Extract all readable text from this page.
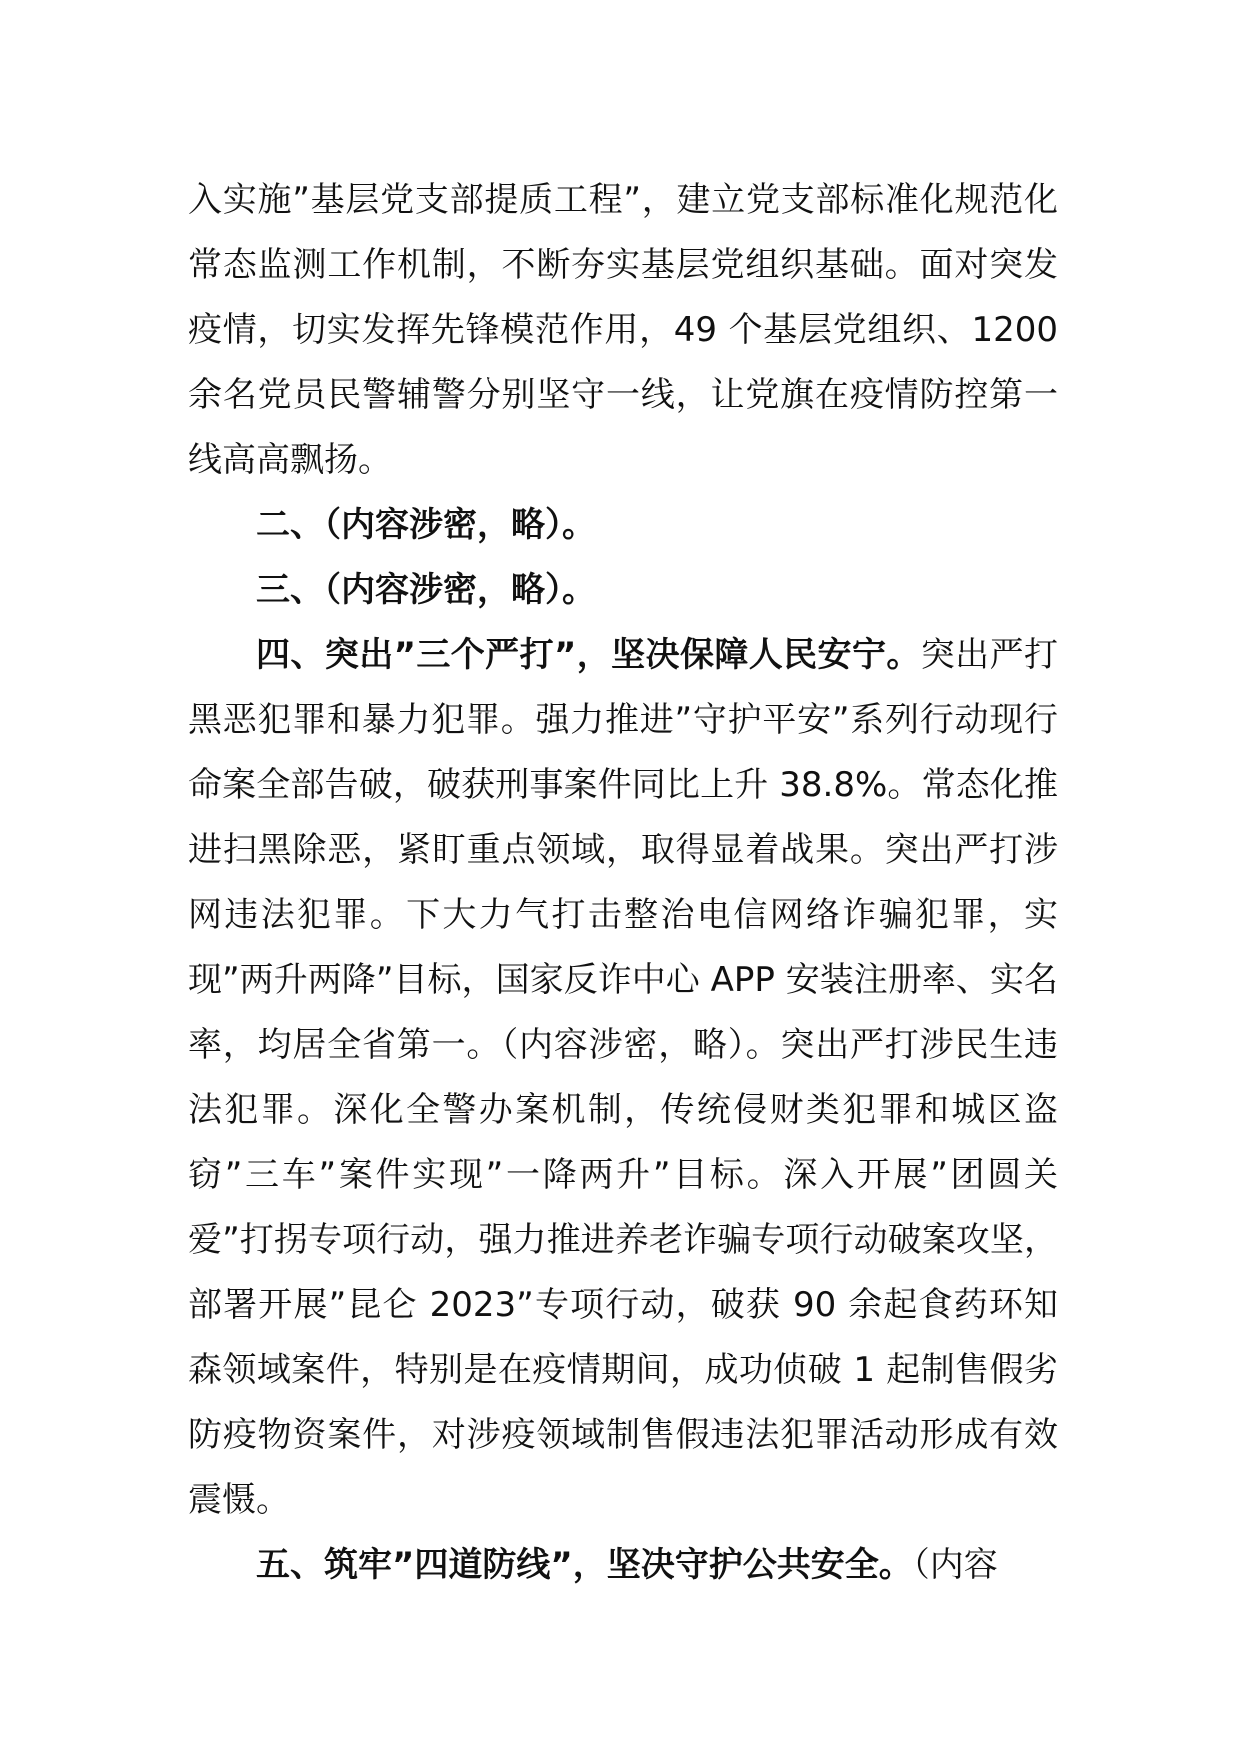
入实施”基层党支部提质工程”，建立党支部标准化规范化常态监测工作机制，不断夯实基层党组织基础。面对突发疫情，切实发挥先锋模范作用，49 个基层党组织、1200 余名党员民警辅警分别坚守一线，让党旗在疫情防控第一线高高飘扬。

二、（内容涉密，略）。

三、（内容涉密，略）。

四、突出”三个严打”，坚决保障人民安宁。突出严打黑恶犯罪和暴力犯罪。强力推进”守护平安”系列行动现行命案全部告破，破获刑事案件同比上升 38.8%。常态化推进扫黑除恶，紧盯重点领域，取得显着战果。突出严打涉网违法犯罪。下大力气打击整治电信网络诈骗犯罪，实现”两升两降”目标，国家反诈中心 APP 安装注册率、实名率，均居全省第一。（内容涉密，略）。突出严打涉民生违法犯罪。深化全警办案机制，传统侵财类犯罪和城区盗窃”三车”案件实现”一降两升”目标。深入开展”团圆关爱”打拐专项行动，强力推进养老诈骗专项行动破案攻坚，部署开展”昆仑 2023”专项行动，破获 90 余起食药环知森领域案件，特别是在疫情期间，成功侦破 1 起制售假劣防疫物资案件，对涉疫领域制售假违法犯罪活动形成有效震慑。

五、筑牢”四道防线”，坚决守护公共安全。（内容
